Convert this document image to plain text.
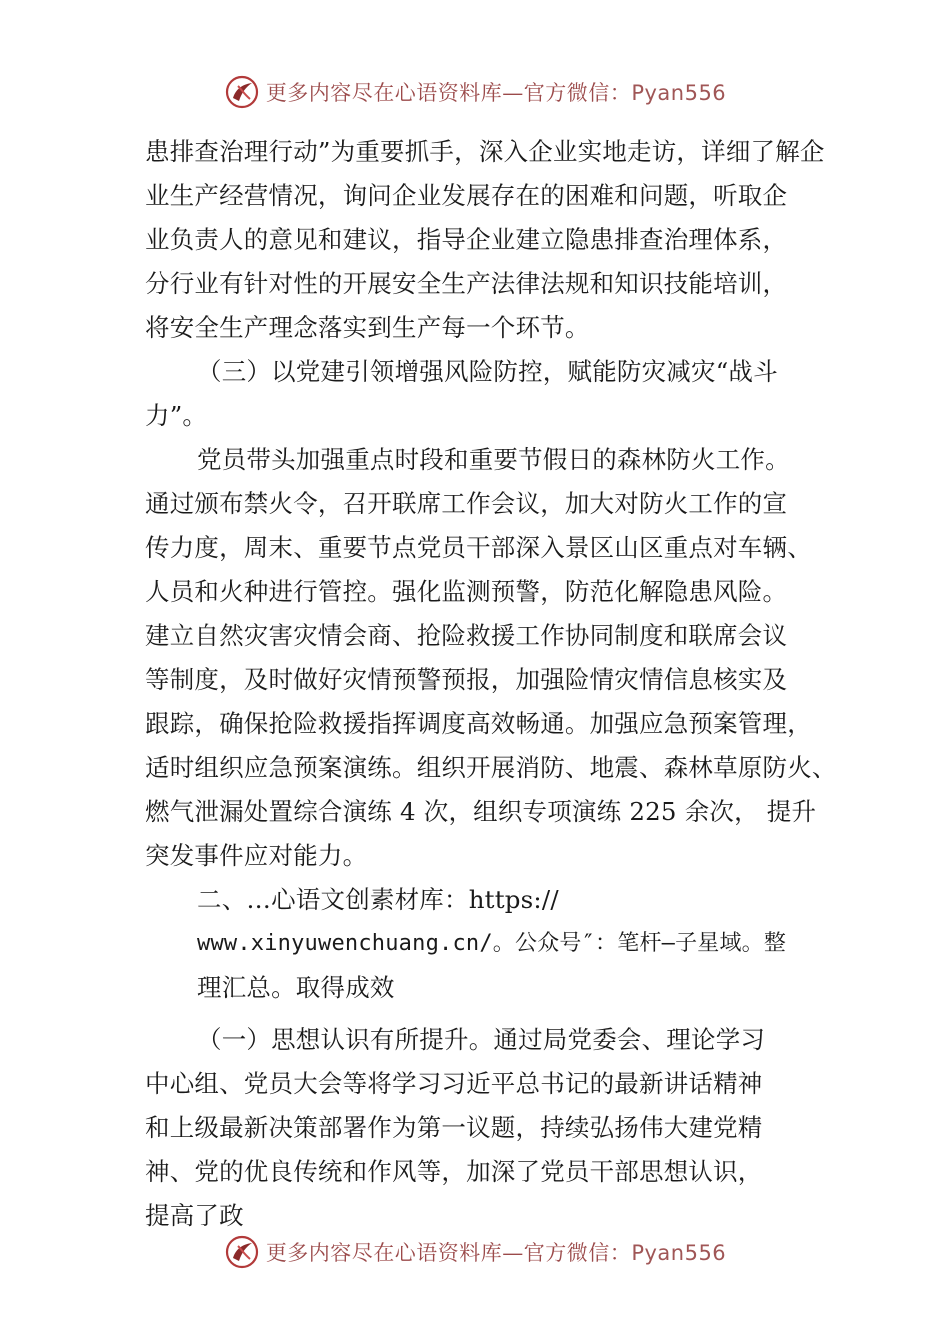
更多内容尽在心语资料库—官方微信：Pyan556
患排查治理行动”为重要抓手，深入企业实地走访，详细了解企
业生产经营情况，询问企业发展存在的困难和问题，听取企
业负责人的意见和建议，指导企业建立隐患排查治理体系，
分行业有针对性的开展安全生产法律法规和知识技能培训，
将安全生产理念落实到生产每一个环节。
（三）以党建引领增强风险防控，赋能防灾减灾“战斗
力”。
党员带头加强重点时段和重要节假日的森林防火工作。
通过颁布禁火令，召开联席工作会议，加大对防火工作的宣
传力度，周末、重要节点党员干部深入景区山区重点对车辆、
人员和火种进行管控。强化监测预警，防范化解隐患风险。
建立自然灾害灾情会商、抢险救援工作协同制度和联席会议
等制度，及时做好灾情预警预报，加强险情灾情信息核实及
跟踪，确保抢险救援指挥调度高效畅通。加强应急预案管理，
适时组织应急预案演练。组织开展消防、地震、森林草原防火、
燃气泄漏处置综合演练 4 次，组织专项演练 225 余次， 提升
突发事件应对能力。
二、…心语文创素材库：https://
www.xinyuwenchuang.cn/。公众号″：笔杆—子星域。整
理汇总。取得成效
（一）思想认识有所提升。通过局党委会、理论学习
中心组、党员大会等将学习习近平总书记的最新讲话精神
和上级最新决策部署作为第一议题，持续弘扬伟大建党精
神、党的优良传统和作风等，加深了党员干部思想认识，
提高了政
更多内容尽在心语资料库—官方微信：Pyan556
